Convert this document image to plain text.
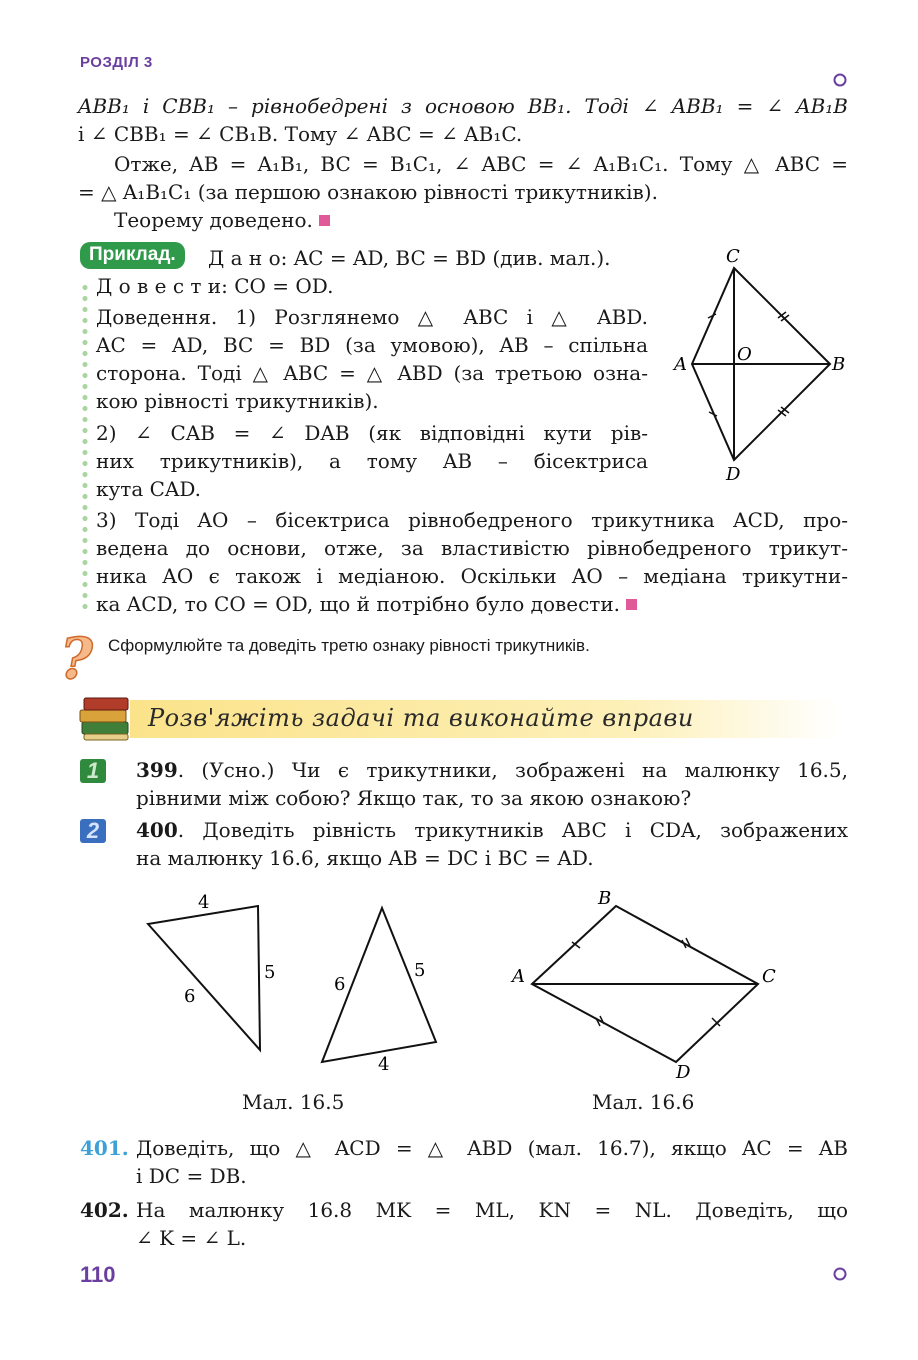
РОЗДІЛ 3
ABB₁ і CBB₁ – рівнобедрені з основою BB₁. Тоді ∠ ABB₁ = ∠ AB₁B
і ∠ CBB₁ = ∠ CB₁B. Тому ∠ ABC = ∠ AB₁C.
Отже, AB = A₁B₁, BC = B₁C₁, ∠ ABC = ∠ A₁B₁C₁. Тому △ ABC =
= △ A₁B₁C₁ (за першою ознакою рівності трикутників).
Теорему доведено.
Приклад.	Д а н о: AC = AD, BC = BD (див. мал.).
Д о в е с т и: CO = OD.
Доведення. 1) Розглянемо △ ABC і △ ABD.
AC = AD, BC = BD (за умовою), AB – спільна
сторона. Тоді △ ABC = △ ABD (за третьою озна-
кою рівності трикутників).
2) ∠ CAB = ∠ DAB (як відповідні кути рів-
них трикутників), а тому AB – бісектриса
кута CAD.
3) Тоді AO – бісектриса рівнобедреного трикутника ACD, про-
ведена до основи, отже, за властивістю рівнобедреного трикут-
ника AO є також і медіаною. Оскільки AO – медіана трикутни-
ка ACD, то CO = OD, що й потрібно було довести.
C
A	B
D
O
? Сформулюйте та доведіть третю ознаку рівності трикутників.
Розв'яжіть задачі та виконайте вправи
1	399. (Усно.) Чи є трикутники, зображені на малюнку 16.5,
рівними між собою? Якщо так, то за якою ознакою?
2	400. Доведіть рівність трикутників ABC і CDA, зображених
на малюнку 16.6, якщо AB = DC і BC = AD.
4
5
6
6
5
4
Мал. 16.5
B
A	C
D
Мал. 16.6
401. Доведіть, що △ ACD = △ ABD (мал. 16.7), якщо AC = AB
і DC = DB.
402. На малюнку 16.8 MK = ML, KN = NL. Доведіть, що
∠ K = ∠ L.
110
